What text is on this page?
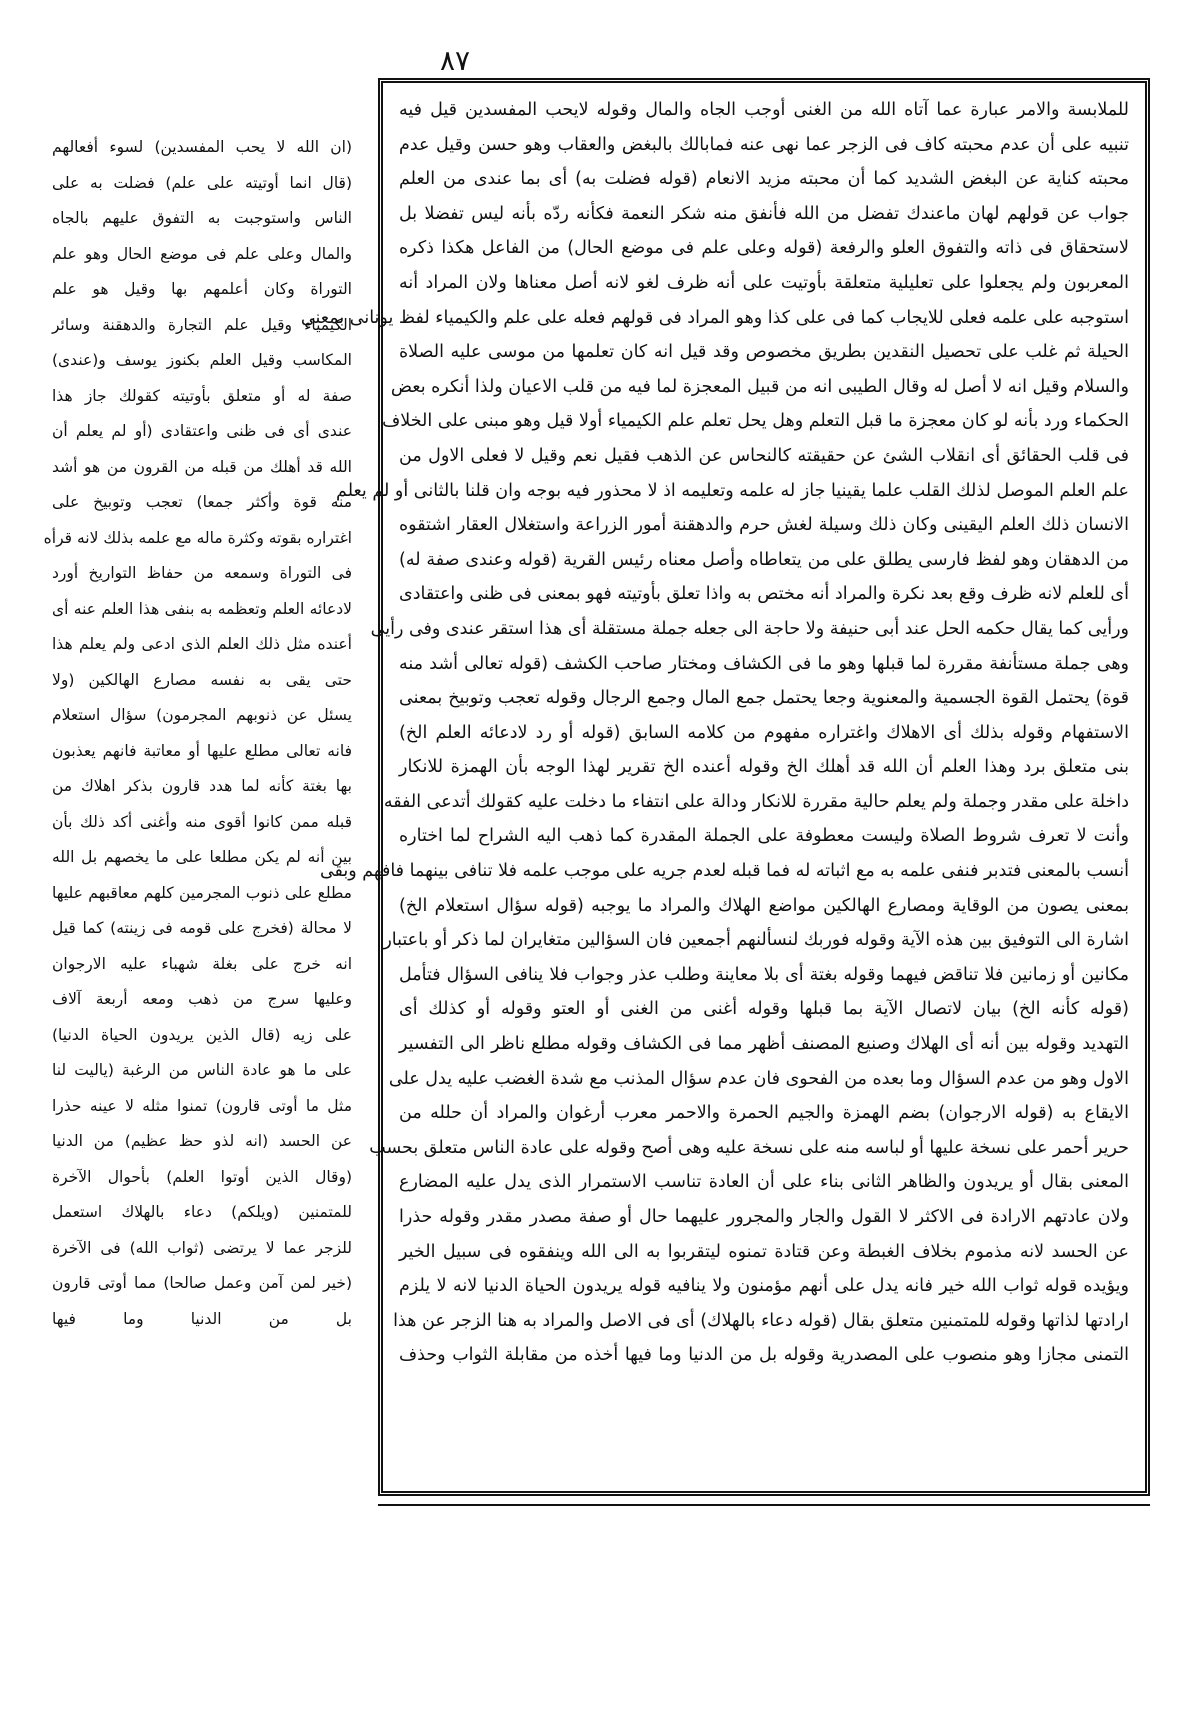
٨٧
للملابسة والامر عبارة عما آتاه الله من الغنى أوجب الجاه والمال وقوله لايحب المفسدين قيل فيه
تنبيه على أن عدم محبته كاف فى الزجر عما نهى عنه فمابالك بالبغض والعقاب وهو حسن وقيل عدم
محبته كناية عن البغض الشديد كما أن محبته مزيد الانعام (قوله فضلت به) أى بما عندى من العلم
جواب عن قولهم لهان ماعندك تفضل من الله فأنفق منه شكر النعمة فكأنه ردّه بأنه ليس تفضلا بل
لاستحقاق فى ذاته والتفوق العلو والرفعة (قوله وعلى علم فى موضع الحال) من الفاعل هكذا ذكره
المعربون ولم يجعلوا على تعليلية متعلقة بأوتيت على أنه ظرف لغو لانه أصل معناها ولان المراد أنه
استوجبه على علمه فعلى للايجاب كما فى على كذا وهو المراد فى قولهم فعله على علم والكيمياء لفظ يونانى بمعنى
الحيلة ثم غلب على تحصيل النقدين بطريق مخصوص وقد قيل انه كان تعلمها من موسى عليه الصلاة
والسلام وقيل انه لا أصل له وقال الطيبى انه من قبيل المعجزة لما فيه من قلب الاعيان ولذا أنكره بعض
الحكماء ورد بأنه لو كان معجزة ما قبل التعلم وهل يحل تعلم علم الكيمياء أولا قيل وهو مبنى على الخلاف
فى قلب الحقائق أى انقلاب الشئ عن حقيقته كالنحاس عن الذهب فقيل نعم وقيل لا فعلى الاول من
علم العلم الموصل لذلك القلب علما يقينيا جاز له علمه وتعليمه اذ لا محذور فيه بوجه وان قلنا بالثانى أو لم يعلم
الانسان ذلك العلم اليقينى وكان ذلك وسيلة لغش حرم والدهقنة أمور الزراعة واستغلال العقار اشتقوه
من الدهقان وهو لفظ فارسى يطلق على من يتعاطاه وأصل معناه رئيس القرية (قوله وعندى صفة له)
أى للعلم لانه ظرف وقع بعد نكرة والمراد أنه مختص به واذا تعلق بأوتيته فهو بمعنى فى ظنى واعتقادى
ورأيى كما يقال حكمه الحل عند أبى حنيفة ولا حاجة الى جعله جملة مستقلة أى هذا استقر عندى وفى رأيى
وهى جملة مستأنفة مقررة لما قبلها وهو ما فى الكشاف ومختار صاحب الكشف (قوله تعالى أشد منه
قوة) يحتمل القوة الجسمية والمعنوية وجعا يحتمل جمع المال وجمع الرجال وقوله تعجب وتوبيخ بمعنى
الاستفهام وقوله بذلك أى الاهلاك واغتراره مفهوم من كلامه السابق (قوله أو رد لادعائه العلم الخ)
بنى متعلق برد وهذا العلم أن الله قد أهلك الخ وقوله أعنده الخ تقرير لهذا الوجه بأن الهمزة للانكار
داخلة على مقدر وجملة ولم يعلم حالية مقررة للانكار ودالة على انتفاء ما دخلت عليه كقولك أتدعى الفقه
وأنت لا تعرف شروط الصلاة وليست معطوفة على الجملة المقدرة كما ذهب اليه الشراح لما اختاره
أنسب بالمعنى فتدبر فنفى علمه به مع اثباته له فما قبله لعدم جريه على موجب علمه فلا تنافى بينهما فافهم وبقى
بمعنى يصون من الوقاية ومصارع الهالكين مواضع الهلاك والمراد ما يوجبه (قوله سؤال استعلام الخ)
اشارة الى التوفيق بين هذه الآية وقوله فوربك لنسألنهم أجمعين فان السؤالين متغايران لما ذكر أو باعتبار
مكانين أو زمانين فلا تناقض فيهما وقوله بغتة أى بلا معاينة وطلب عذر وجواب فلا ينافى السؤال فتأمل
(قوله كأنه الخ) بيان لاتصال الآية بما قبلها وقوله أغنى من الغنى أو العتو وقوله أو كذلك أى
التهديد وقوله بين أنه أى الهلاك وصنيع المصنف أظهر مما فى الكشاف وقوله مطلع ناظر الى التفسير
الاول وهو من عدم السؤال وما بعده من الفحوى فان عدم سؤال المذنب مع شدة الغضب عليه يدل على
الايقاع به (قوله الارجوان) بضم الهمزة والجيم الحمرة والاحمر معرب أرغوان والمراد أن حلله من
حرير أحمر على نسخة عليها أو لباسه منه على نسخة عليه وهى أصح وقوله على عادة الناس متعلق بحسب
المعنى بقال أو يريدون والظاهر الثانى بناء على أن العادة تناسب الاستمرار الذى يدل عليه المضارع
ولان عادتهم الارادة فى الاكثر لا القول والجار والمجرور عليهما حال أو صفة مصدر مقدر وقوله حذرا
عن الحسد لانه مذموم بخلاف الغبطة وعن قتادة تمنوه ليتقربوا به الى الله وينفقوه فى سبيل الخير
ويؤيده قوله ثواب الله خير فانه يدل على أنهم مؤمنون ولا ينافيه قوله يريدون الحياة الدنيا لانه لا يلزم
ارادتها لذاتها وقوله للمتمنين متعلق بقال (قوله دعاء بالهلاك) أى فى الاصل والمراد به هنا الزجر عن هذا
التمنى مجازا وهو منصوب على المصدرية وقوله بل من الدنيا وما فيها أخذه من مقابلة الثواب وحذف
(ان الله لا يحب المفسدين) لسوء أفعالهم
(قال انما أوتيته على علم) فضلت به على
الناس واستوجبت به التفوق عليهم بالجاه
والمال وعلى علم فى موضع الحال وهو علم
التوراة وكان أعلمهم بها وقيل هو علم
الكيمياء وقيل علم التجارة والدهقنة وسائر
المكاسب وقيل العلم بكنوز يوسف و(عندى)
صفة له أو متعلق بأوتيته كقولك جاز هذا
عندى أى فى ظنى واعتقادى (أو لم يعلم أن
الله قد أهلك من قبله من القرون من هو أشد
منه قوة وأكثر جمعا) تعجب وتوبيخ على
اغتراره بقوته وكثرة ماله مع علمه بذلك لانه قرأه
فى التوراة وسمعه من حفاظ التواريخ أورد
لادعائه العلم وتعظمه به بنفى هذا العلم عنه أى
أعنده مثل ذلك العلم الذى ادعى ولم يعلم هذا
حتى يقى به نفسه مصارع الهالكين (ولا
يسئل عن ذنوبهم المجرمون) سؤال استعلام
فانه تعالى مطلع عليها أو معاتبة فانهم يعذبون
بها بغتة كأنه لما هدد قارون بذكر اهلاك من
قبله ممن كانوا أقوى منه وأغنى أكد ذلك بأن
بين أنه لم يكن مطلعا على ما يخصهم بل الله
مطلع على ذنوب المجرمين كلهم معاقبهم عليها
لا محالة (فخرج على قومه فى زينته) كما قيل
انه خرج على بغلة شهباء عليه الارجوان
وعليها سرج من ذهب ومعه أربعة آلاف
على زيه (قال الذين يريدون الحياة الدنيا)
على ما هو عادة الناس من الرغبة (ياليت لنا
مثل ما أوتى قارون) تمنوا مثله لا عينه حذرا
عن الحسد (انه لذو حظ عظيم) من الدنيا
(وقال الذين أوتوا العلم) بأحوال الآخرة
للمتمنين (ويلكم) دعاء بالهلاك استعمل
للزجر عما لا يرتضى (ثواب الله) فى الآخرة
(خير لمن آمن وعمل صالحا) مما أوتى قارون
بل من الدنيا وما فيها
